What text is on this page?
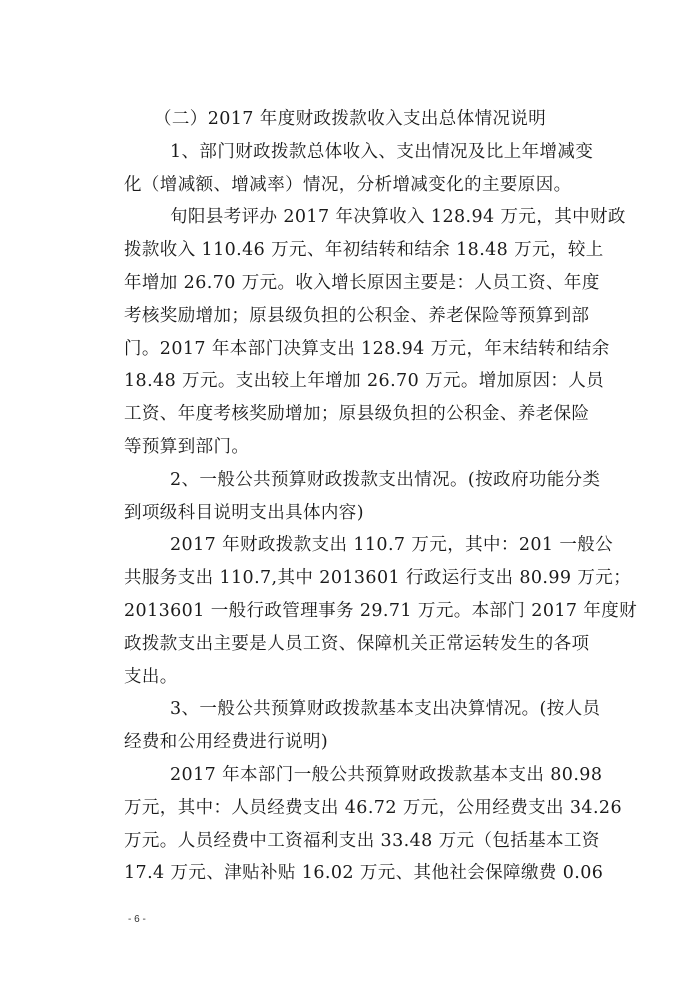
（二）2017 年度财政拨款收入支出总体情况说明
1、部门财政拨款总体收入、支出情况及比上年增减变
化（增减额、增减率）情况，分析增减变化的主要原因。
旬阳县考评办 2017 年决算收入 128.94 万元，其中财政
拨款收入 110.46 万元、年初结转和结余 18.48 万元，较上
年增加 26.70 万元。收入增长原因主要是：人员工资、年度
考核奖励增加；原县级负担的公积金、养老保险等预算到部
门。2017 年本部门决算支出 128.94 万元，年末结转和结余
18.48 万元。支出较上年增加 26.70 万元。增加原因：人员
工资、年度考核奖励增加；原县级负担的公积金、养老保险
等预算到部门。
2、一般公共预算财政拨款支出情况。(按政府功能分类
到项级科目说明支出具体内容)
2017 年财政拨款支出 110.7 万元，其中：201 一般公
共服务支出 110.7,其中 2013601 行政运行支出 80.99 万元；
2013601 一般行政管理事务 29.71 万元。本部门 2017 年度财
政拨款支出主要是人员工资、保障机关正常运转发生的各项
支出。
3、一般公共预算财政拨款基本支出决算情况。(按人员
经费和公用经费进行说明)
2017 年本部门一般公共预算财政拨款基本支出 80.98
万元，其中：人员经费支出 46.72 万元，公用经费支出 34.26
万元。人员经费中工资福利支出 33.48 万元（包括基本工资
17.4 万元、津贴补贴 16.02 万元、其他社会保障缴费 0.06
- 6 -
